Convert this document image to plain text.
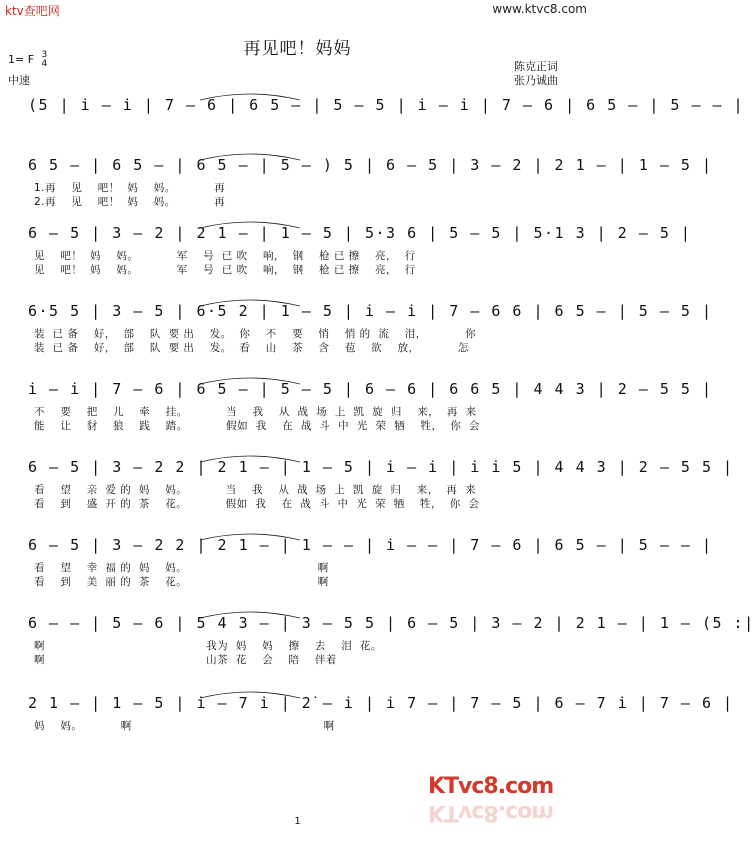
ktv查吧网	www.ktvc8.com
再见吧！妈妈
1= F 3
4
中速
陈克正词
张乃诚曲
(5 | i̇ – i̇ | 7 – 6 | 6 5 – | 5 – 5 | i̇ – i̇ | 7 – 6 | 6 5 – | 5 – – |
6 5 – | 6 5 – | 6 5 – | 5 – ) 5 | 6 – 5 | 3 – 2 | 2 1 – | 1 – 5 |
1.再    见    吧！  妈    妈。          再
2.再    见    吧！  妈    妈。          再
6 – 5 | 3 – 2 | 2 1 – | 1 – 5 | 5·3 6 | 5 – 5 | 5·1 3 | 2 – 5 |
见    吧！  妈    妈。          军    号  已 吹    响，  钢    枪 已 擦    亮，  行
见    吧！  妈    妈。          军    号  已 吹    响，  钢    枪 已 擦    亮，  行
6·5 5 | 3 – 5 | 6·5 2 | 1 – 5 | i̇ – i̇ | 7 – 6 6 | 6 5 – | 5 – 5 |
装  已 备    好，  部    队  要 出    发。  你    不    要    悄    悄 的  流    泪，          你
装  已 备    好，  部    队  要 出    发。  看    山    茶    含    苞    欲    放，          怎
i̇ – i̇ | 7 – 6 | 6 5 – | 5 – 5 | 6 – 6 | 6 6 5 | 4 4 3 | 2 – 5 5 |
不    要    把    儿    牵    挂。          当    我    从  战  场  上  凯  旋  归    来，  再  来
能    让    豺    狼    践    踏。          假如  我    在  战  斗  中  光  荣  牺    牲，  你  会
6 – 5 | 3 – 2 2 | 2 1 – | 1 – 5 | i̇ – i̇ | i̇ i̇ 5 | 4 4 3 | 2 – 5 5 |
看    望    亲  爱 的  妈    妈。          当    我    从  战  场  上  凯  旋  归    来，  再  来
看    到    盛  开 的  茶    花。          假如  我    在  战  斗  中  光  荣  牺    牲，  你  会
6 – 5 | 3 – 2 2 | 2 1 – | 1 – – | i̇ – – | 7 – 6 | 6 5 – | 5 – – |
看    望    幸  福 的  妈    妈。                                  啊
看    到    美  丽 的  茶    花。                                  啊
6 – – | 5 – 6 | 5 4 3 – | 3 – 5 5 | 6 – 5 | 3 – 2 | 2 1 – | 1 – (5 :|
啊                                          我为  妈    妈    擦    去    泪  花。
啊                                          山茶  花    会    陪    伴着
2 1 – | 1 – 5 | i̇ – 7 i̇ | 2̇ – i̇ | i̇ 7 – | 7 – 5 | 6 – 7 i̇ | 7 – 6 |
妈    妈。          啊                                                  啊
KTvc8.com
KTvc8.com
1
